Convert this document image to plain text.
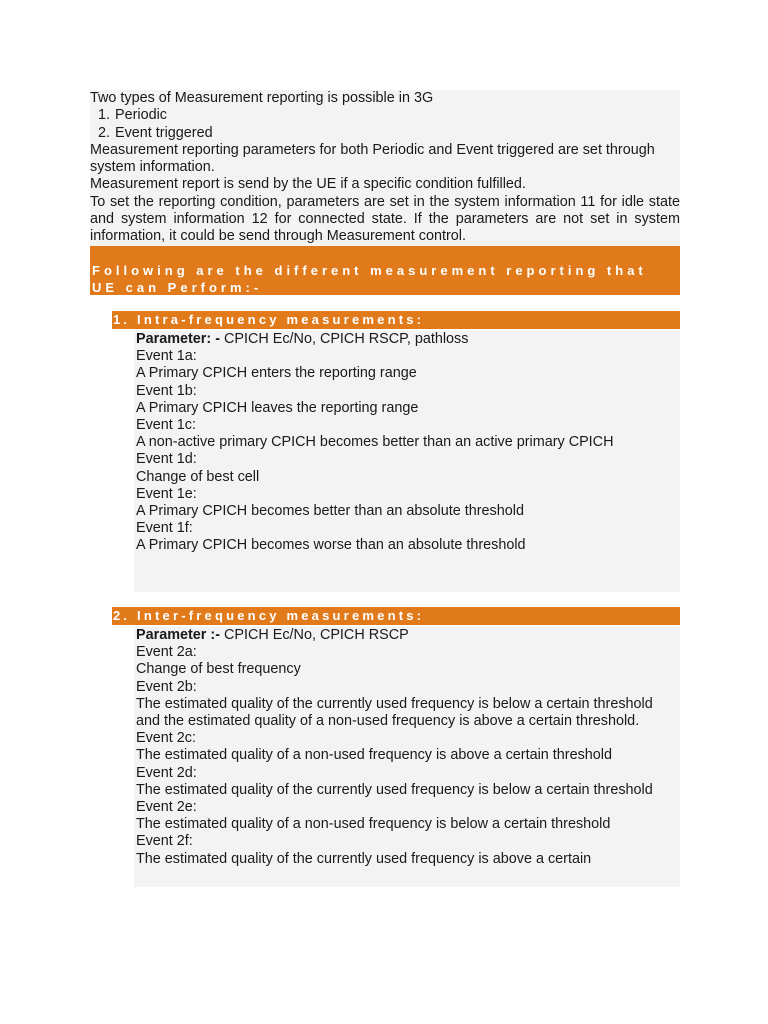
Two types of Measurement reporting is possible in 3G

1. Periodic
2. Event triggered

Measurement reporting parameters for both Periodic and Event triggered are set through system information.

Measurement report is send by the UE if a specific condition fulfilled.

To set the reporting condition, parameters are set in the system information 11 for idle state and system information 12 for connected state. If the parameters are not set in system information, it could be send through Measurement control.

Following are the different measurement reporting that UE can Perform:-
1. Intra-frequency measurements:

Parameter: - CPICH Ec/No, CPICH RSCP, pathloss

Event 1a:

A Primary CPICH enters the reporting range

Event 1b:

A Primary CPICH leaves the reporting range

Event 1c:

A non-active primary CPICH becomes better than an active primary CPICH

Event 1d:

Change of best cell

Event 1e:

A Primary CPICH becomes better than an absolute threshold

Event 1f:

A Primary CPICH becomes worse than an absolute threshold

2. Inter-frequency measurements:

Parameter :- CPICH Ec/No, CPICH RSCP

Event 2a:

Change of best frequency

Event 2b:

The estimated quality of the currently used frequency is below a certain threshold and the estimated quality of a non-used frequency is above a certain threshold.

Event 2c:

The estimated quality of a non-used frequency is above a certain threshold

Event 2d:

The estimated quality of the currently used frequency is below a certain threshold

Event 2e:

The estimated quality of a non-used frequency is below a certain threshold

Event 2f:

The estimated quality of the currently used frequency is above a certain
